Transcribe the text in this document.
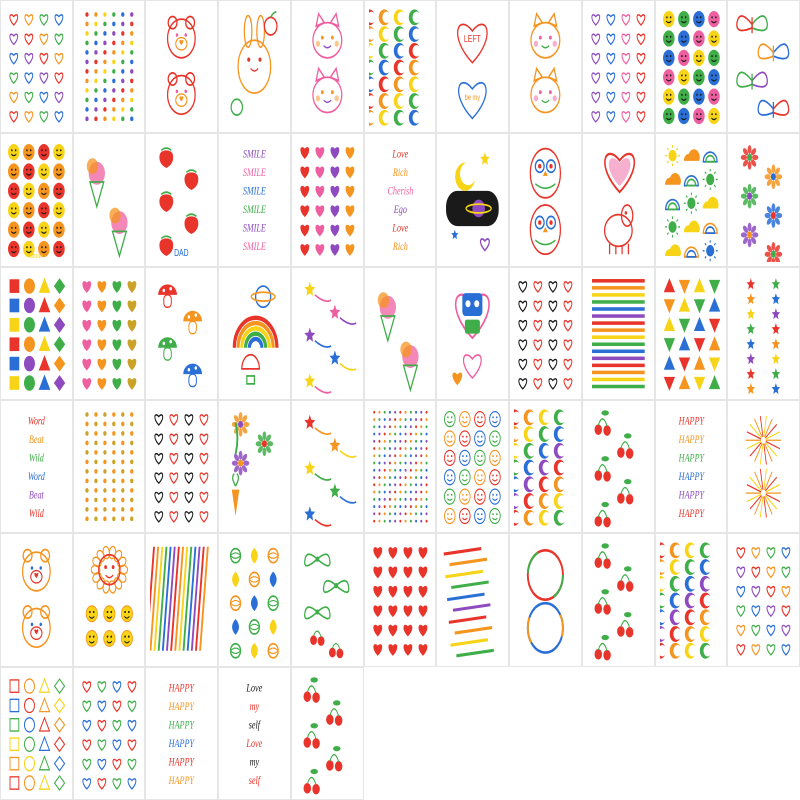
LEFT
be my
Smile	DAD
SMILE
SMILE
SMILE
SMILE
SMILE
SMILE
Love
Rich
Cherish
Ego
Love
Rich
Word
Beat
Wild
Word
Beat
Wild
HAPPY
HAPPY
HAPPY
HAPPY
HAPPY
HAPPY
HAPPY
HAPPY
HAPPY
HAPPY
HAPPY
HAPPY
Love
my
self
Love
my
self
